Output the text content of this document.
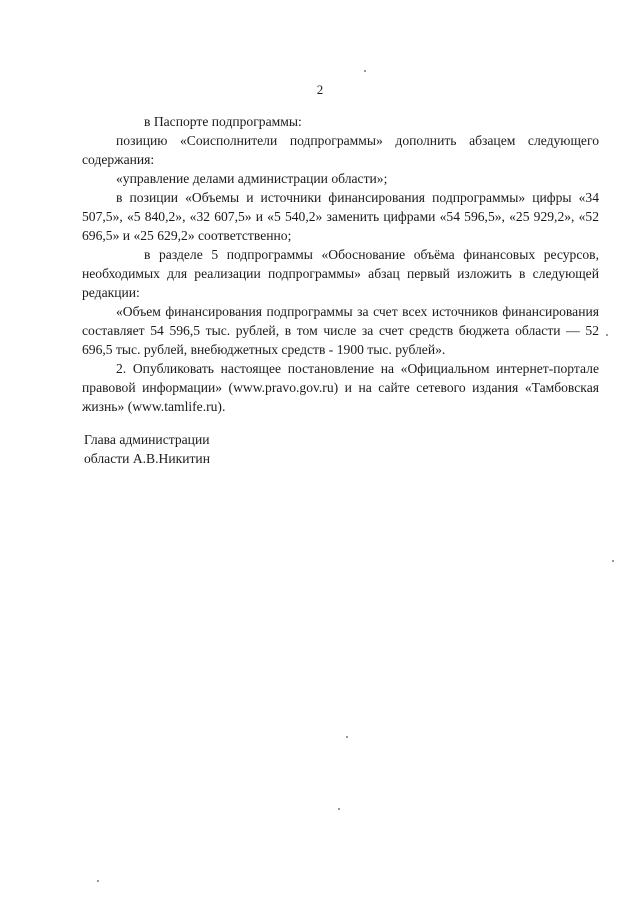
2

в Паспорте подпрограммы:

позицию «Соисполнители подпрограммы» дополнить абзацем следующего содержания:

«управление делами администрации области»;

в позиции «Объемы и источники финансирования подпрограммы» цифры «34 507,5», «5 840,2», «32 607,5» и «5 540,2» заменить цифрами «54 596,5», «25 929,2», «52 696,5» и «25 629,2» соответственно;

в разделе 5 подпрограммы «Обоснование объёма финансовых ресурсов, необходимых для реализации подпрограммы» абзац первый изложить в следующей редакции:

«Объем финансирования подпрограммы за счет всех источников финансирования составляет 54 596,5 тыс. рублей, в том числе за счет средств бюджета области — 52 696,5 тыс. рублей, внебюджетных средств - 1900 тыс. рублей».

2. Опубликовать настоящее постановление на «Официальном интернет-портале правовой информации» (www.pravo.gov.ru) и на сайте сетевого издания «Тамбовская жизнь» (www.tamlife.ru).

Глава администрации

области А.В.Никитин
